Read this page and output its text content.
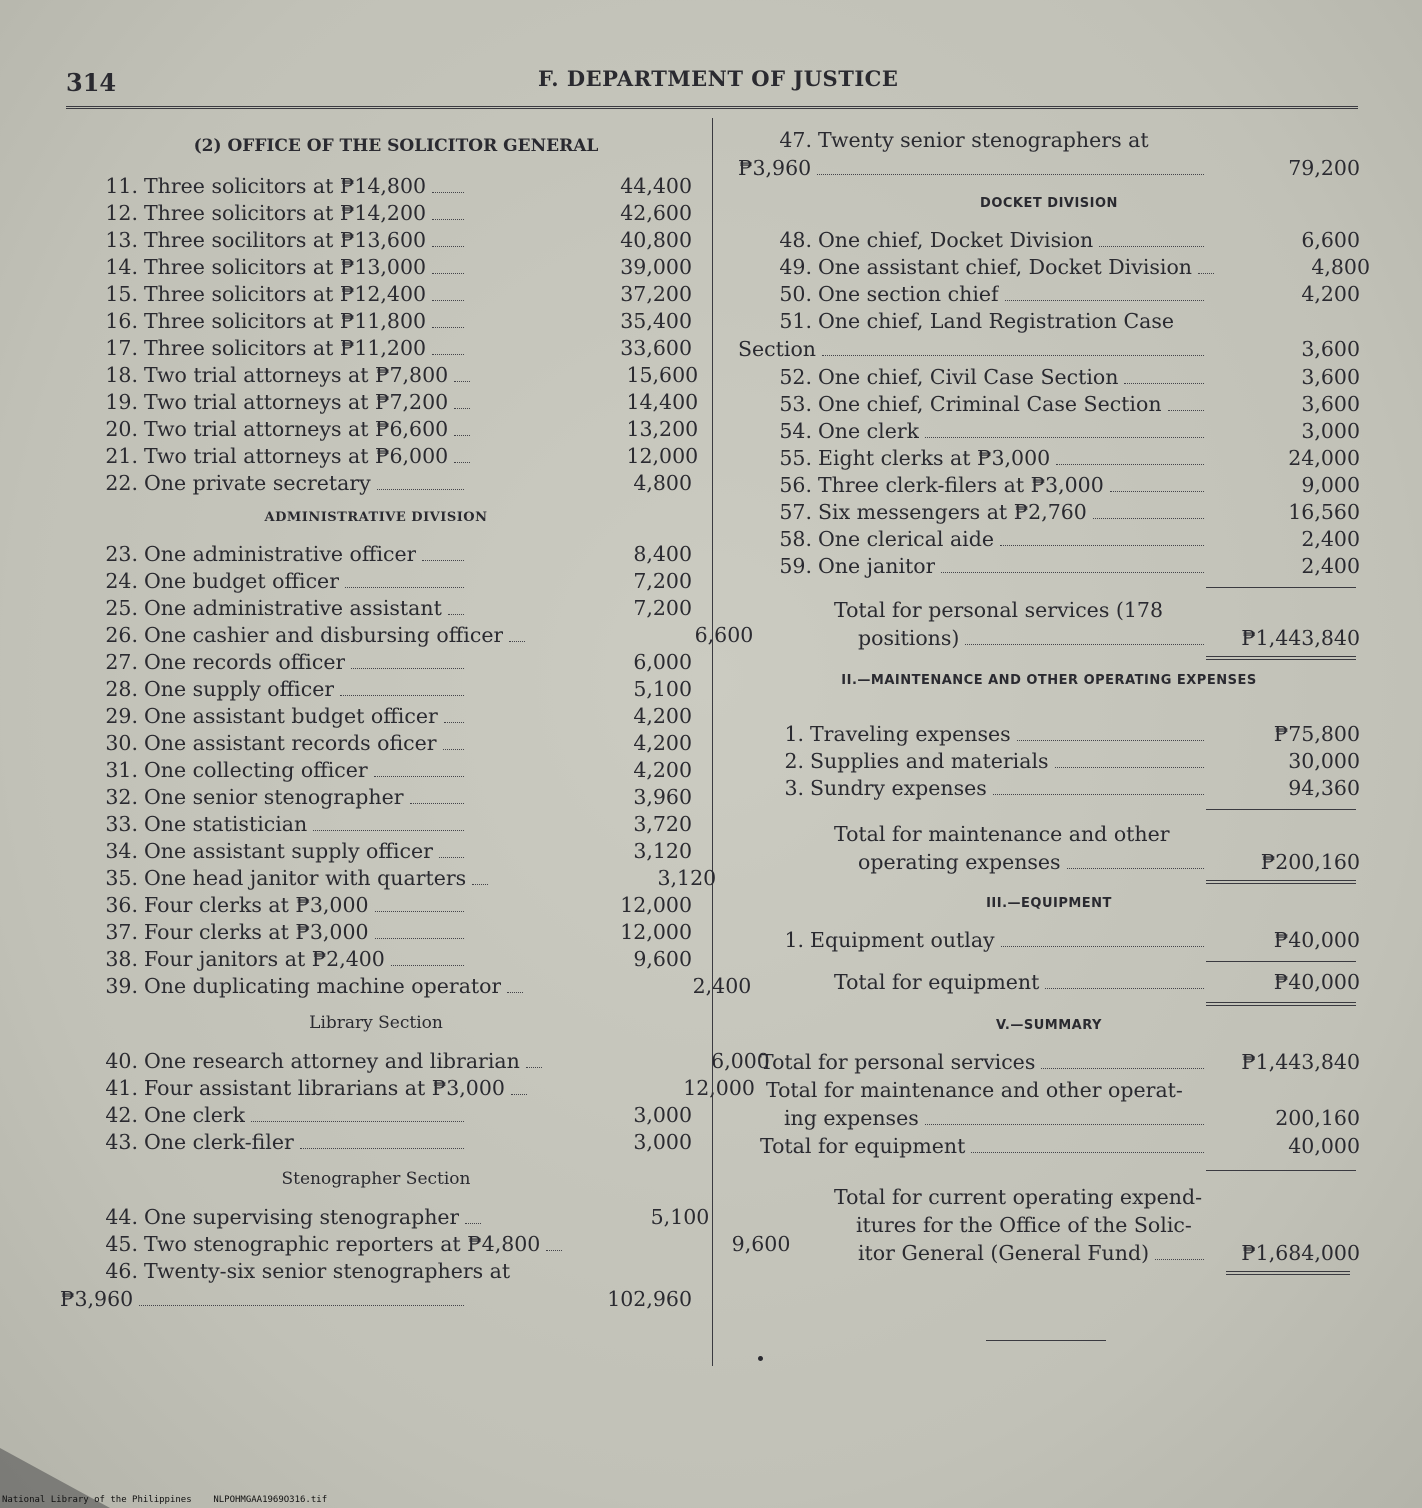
314	F. DEPARTMENT OF JUSTICE
(2) OFFICE OF THE SOLICITOR GENERAL
11. Three solicitors at ₱14,800	44,400
12. Three solicitors at ₱14,200	42,600
13. Three socilitors at ₱13,600	40,800
14. Three solicitors at ₱13,000	39,000
15. Three solicitors at ₱12,400	37,200
16. Three solicitors at ₱11,800	35,400
17. Three solicitors at ₱11,200	33,600
18. Two trial attorneys at ₱7,800	15,600
19. Two trial attorneys at ₱7,200	14,400
20. Two trial attorneys at ₱6,600	13,200
21. Two trial attorneys at ₱6,000	12,000
22. One private secretary	4,800
ADMINISTRATIVE DIVISION
23. One administrative officer	8,400
24. One budget officer	7,200
25. One administrative assistant	7,200
26. One cashier and disbursing officer	6,600
27. One records officer	6,000
28. One supply officer	5,100
29. One assistant budget officer	4,200
30. One assistant records oficer	4,200
31. One collecting officer	4,200
32. One senior stenographer	3,960
33. One statistician	3,720
34. One assistant supply officer	3,120
35. One head janitor with quarters	3,120
36. Four clerks at ₱3,000	12,000
37. Four clerks at ₱3,000	12,000
38. Four janitors at ₱2,400	9,600
39. One duplicating machine operator	2,400
Library Section
40. One research attorney and librarian	6,000
41. Four assistant librarians at ₱3,000	12,000
42. One clerk	3,000
43. One clerk-filer	3,000
Stenographer Section
44. One supervising stenographer	5,100
45. Two stenographic reporters at ₱4,800	9,600
46. Twenty-six senior stenographers at
₱3,960	102,960
47. Twenty senior stenographers at
₱3,960	79,200
DOCKET DIVISION
48. One chief, Docket Division	6,600
49. One assistant chief, Docket Division	4,800
50. One section chief	4,200
51. One chief, Land Registration Case
Section	3,600
52. One chief, Civil Case Section	3,600
53. One chief, Criminal Case Section	3,600
54. One clerk	3,000
55. Eight clerks at ₱3,000	24,000
56. Three clerk-filers at ₱3,000	9,000
57. Six messengers at ₱2,760	16,560
58. One clerical aide	2,400
59. One janitor	2,400
Total for personal services (178
positions)	₱1,443,840
II.—MAINTENANCE AND OTHER OPERATING EXPENSES
1. Traveling expenses	₱75,800
2. Supplies and materials	30,000
3. Sundry expenses	94,360
Total for maintenance and other
operating expenses	₱200,160
III.—EQUIPMENT
1. Equipment outlay	₱40,000
Total for equipment	₱40,000
V.—SUMMARY
Total for personal services	₱1,443,840
Total for maintenance and other operat-
ing expenses	200,160
Total for equipment	40,000
Total for current operating expend-
itures for the Office of the Solic-
itor General (General Fund)	₱1,684,000
National Library of the Philippines    NLPOHMGAA1969O316.tif
